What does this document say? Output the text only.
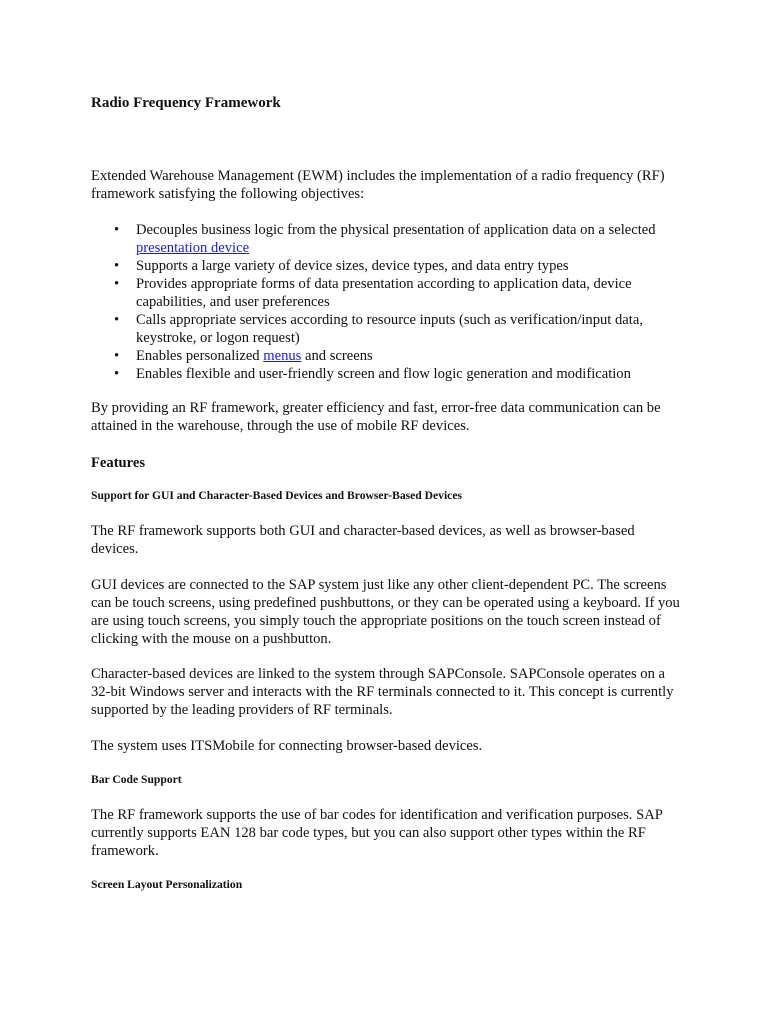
Radio Frequency Framework

Extended Warehouse Management (EWM) includes the implementation of a radio frequency (RF) framework satisfying the following objectives:

• Decouples business logic from the physical presentation of application data on a selected presentation device
• Supports a large variety of device sizes, device types, and data entry types
• Provides appropriate forms of data presentation according to application data, device capabilities, and user preferences
• Calls appropriate services according to resource inputs (such as verification/input data, keystroke, or logon request)
• Enables personalized menus and screens
• Enables flexible and user-friendly screen and flow logic generation and modification

By providing an RF framework, greater efficiency and fast, error-free data communication can be attained in the warehouse, through the use of mobile RF devices.

Features
Support for GUI and Character-Based Devices and Browser-Based Devices

The RF framework supports both GUI and character-based devices, as well as browser-based devices.

GUI devices are connected to the SAP system just like any other client-dependent PC. The screens can be touch screens, using predefined pushbuttons, or they can be operated using a keyboard. If you are using touch screens, you simply touch the appropriate positions on the touch screen instead of clicking with the mouse on a pushbutton.

Character-based devices are linked to the system through SAPConsole. SAPConsole operates on a 32-bit Windows server and interacts with the RF terminals connected to it. This concept is currently supported by the leading providers of RF terminals.

The system uses ITSMobile for connecting browser-based devices.

Bar Code Support

The RF framework supports the use of bar codes for identification and verification purposes. SAP currently supports EAN 128 bar code types, but you can also support other types within the RF framework.

Screen Layout Personalization
